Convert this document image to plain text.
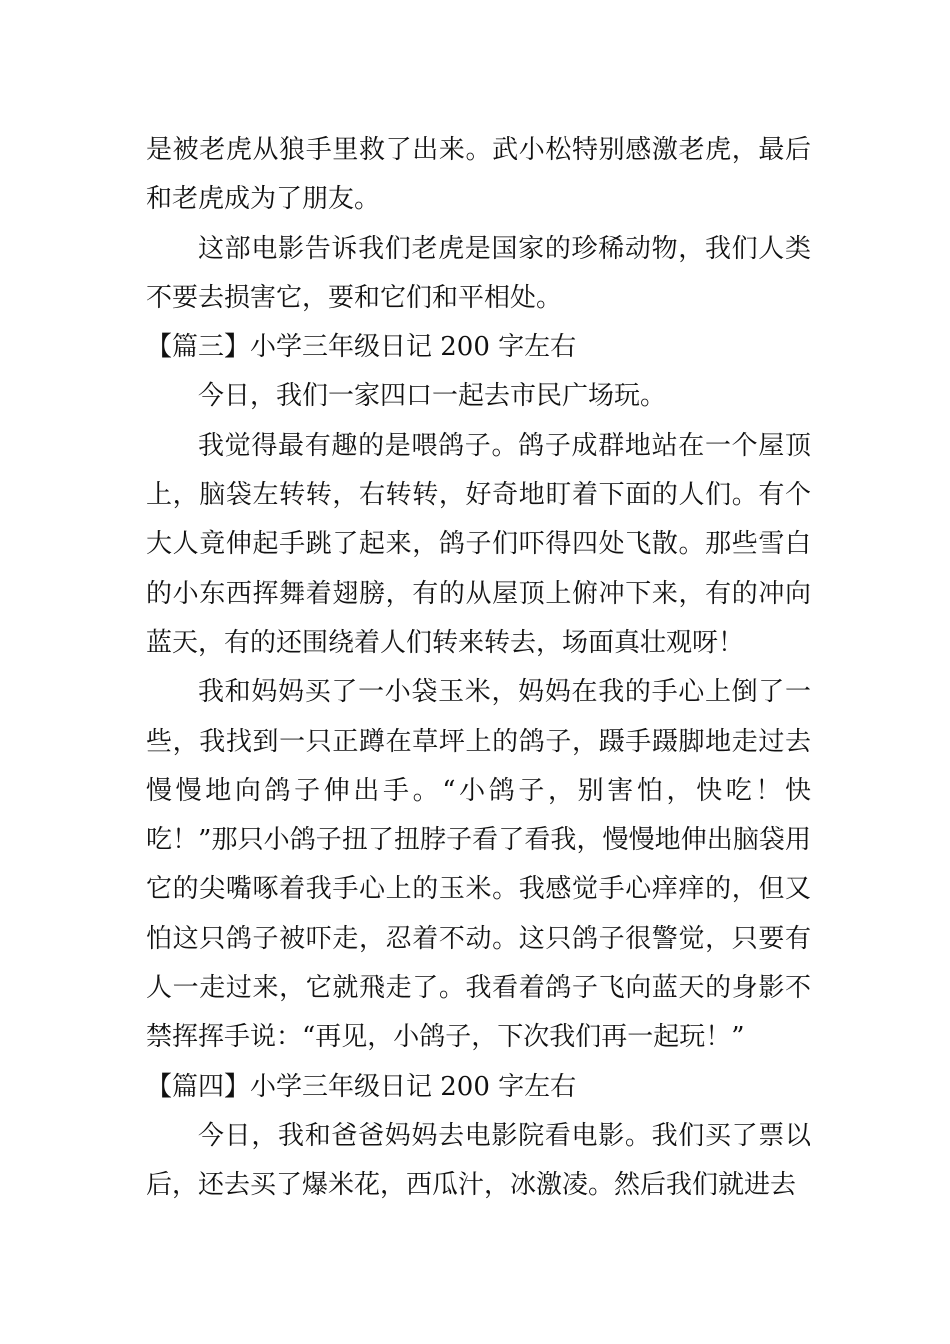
是被老虎从狼手里救了出来。武小松特别感激老虎，最后和老虎成为了朋友。

这部电影告诉我们老虎是国家的珍稀动物，我们人类不要去损害它，要和它们和平相处。

【篇三】小学三年级日记 200 字左右

今日，我们一家四口一起去市民广场玩。

我觉得最有趣的是喂鸽子。鸽子成群地站在一个屋顶上，脑袋左转转，右转转，好奇地盯着下面的人们。有个大人竟伸起手跳了起来，鸽子们吓得四处飞散。那些雪白的小东西挥舞着翅膀，有的从屋顶上俯冲下来，有的冲向蓝天，有的还围绕着人们转来转去，场面真壮观呀！

我和妈妈买了一小袋玉米，妈妈在我的手心上倒了一些，我找到一只正蹲在草坪上的鸽子，蹑手蹑脚地走过去慢慢地向鸽子伸出手。“小鸽子，别害怕，快吃！快吃！”那只小鸽子扭了扭脖子看了看我，慢慢地伸出脑袋用它的尖嘴啄着我手心上的玉米。我感觉手心痒痒的，但又怕这只鸽子被吓走，忍着不动。这只鸽子很警觉，只要有人一走过来，它就飛走了。我看着鸽子飞向蓝天的身影不禁挥挥手说：“再见，小鸽子，下次我们再一起玩！”

【篇四】小学三年级日记 200 字左右

今日，我和爸爸妈妈去电影院看电影。我们买了票以后，还去买了爆米花，西瓜汁，冰激凌。然后我们就进去
